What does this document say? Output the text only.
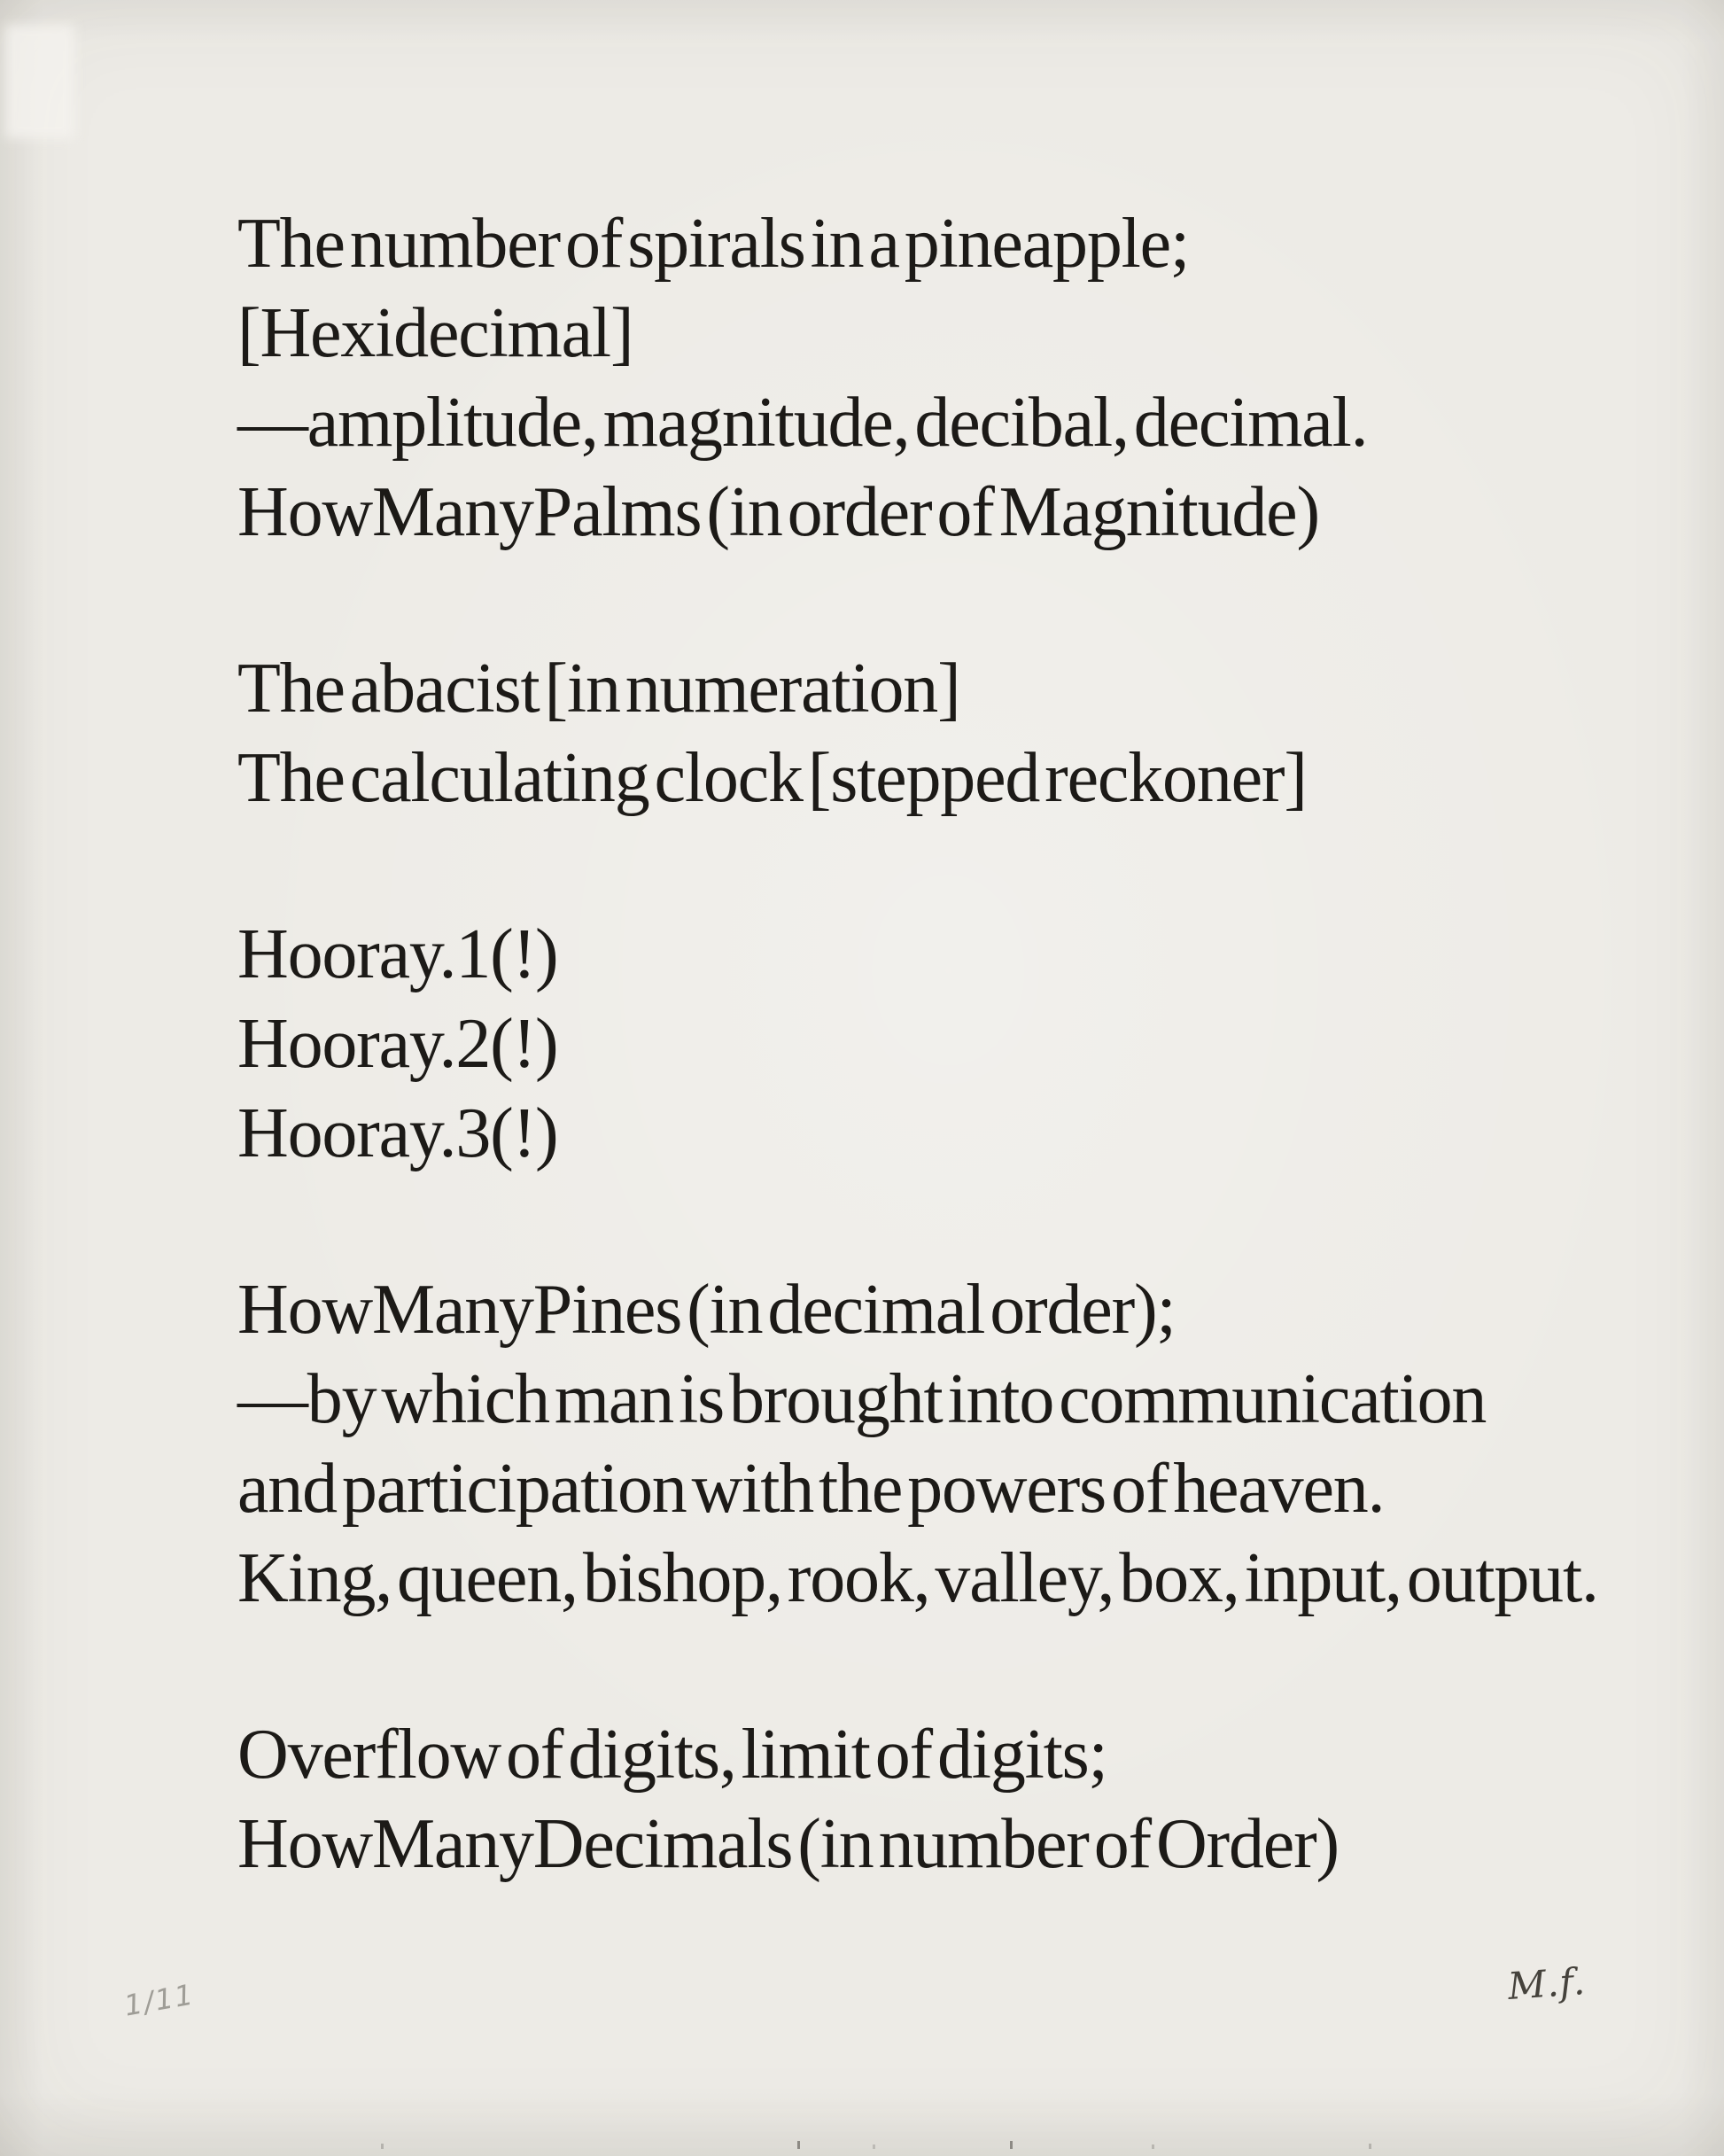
The number of spirals in a pineapple;
[Hexidecimal]
—amplitude, magnitude, decibal, decimal.
HowManyPalms (in order of Magnitude)
The abacist [in numeration]
The calculating clock [stepped reckoner]
Hooray.1(!)
Hooray.2(!)
Hooray.3(!)
HowManyPines (in decimal order);
—by which man is brought into communication
and participation with the powers of heaven.
King, queen, bishop, rook, valley, box, input, output.
Overflow of digits, limit of digits;
HowManyDecimals (in number of Order)
1/11	M.f.
